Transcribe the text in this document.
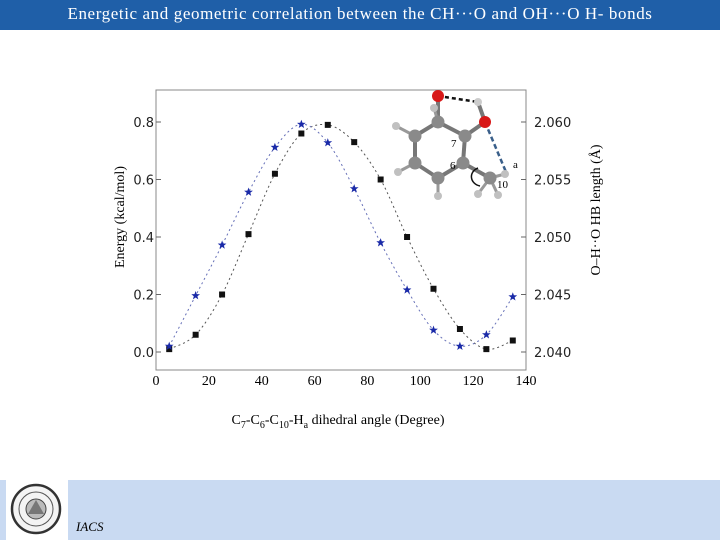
Energetic and geometric correlation between the CH···O and OH···O H- bonds
0	20	40	60	80	100 120 140
0.0
0.2
0.4
0.6
0.8
2.040
2.045
2.050
2.055
2.060
7
6
10
a
Energy (kcal/mol)	O–H··O HB length (Å)
$C_7-C_6-C_{10}-H_a$ dihedral angle (Degree)
IACS
